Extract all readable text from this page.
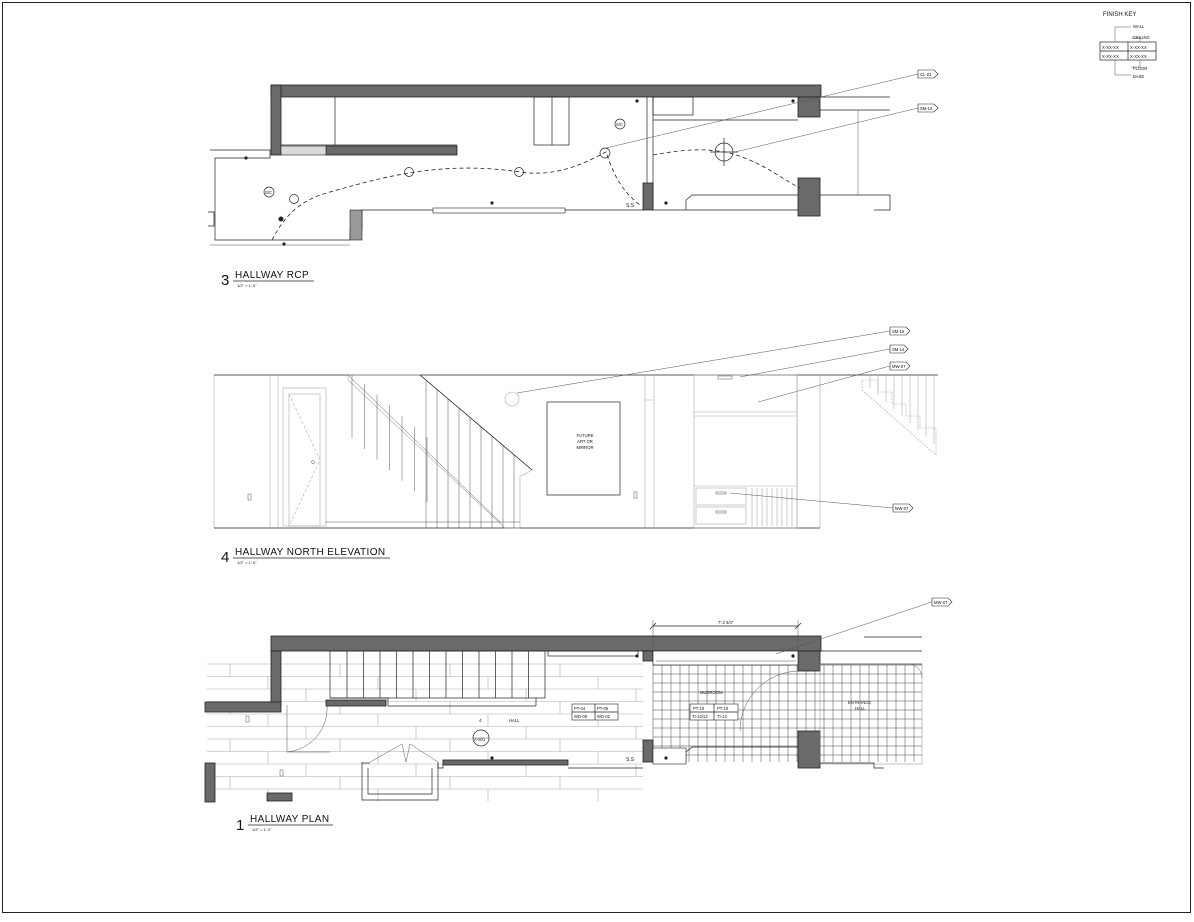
FINISH KEY
X-XX-XX	X-XX-XX
X-XX-XX	X-XX-XX
WALL
CEILING
FLOOR
BASE
S/C
S/C
S.S
CL-01
SM-14
3 HALLWAY RCP
1/2" = 1'-0"
FUTURE
ART OR
MIRROR
SM-15
SM-14
MW-07
MW-07
4 HALLWAY NORTH ELEVATION
1/2" = 1'-0"
7'-2 3/4"
HALL
MUDROOM
ENTRANCE
HALL
PT-04	PT-05
WD-08 WD-02
PT-10	PT-10
TI-12/13 TI-13
4
A-501
S.S
MW-07
1 HALLWAY PLAN
1/2" = 1'-0"
